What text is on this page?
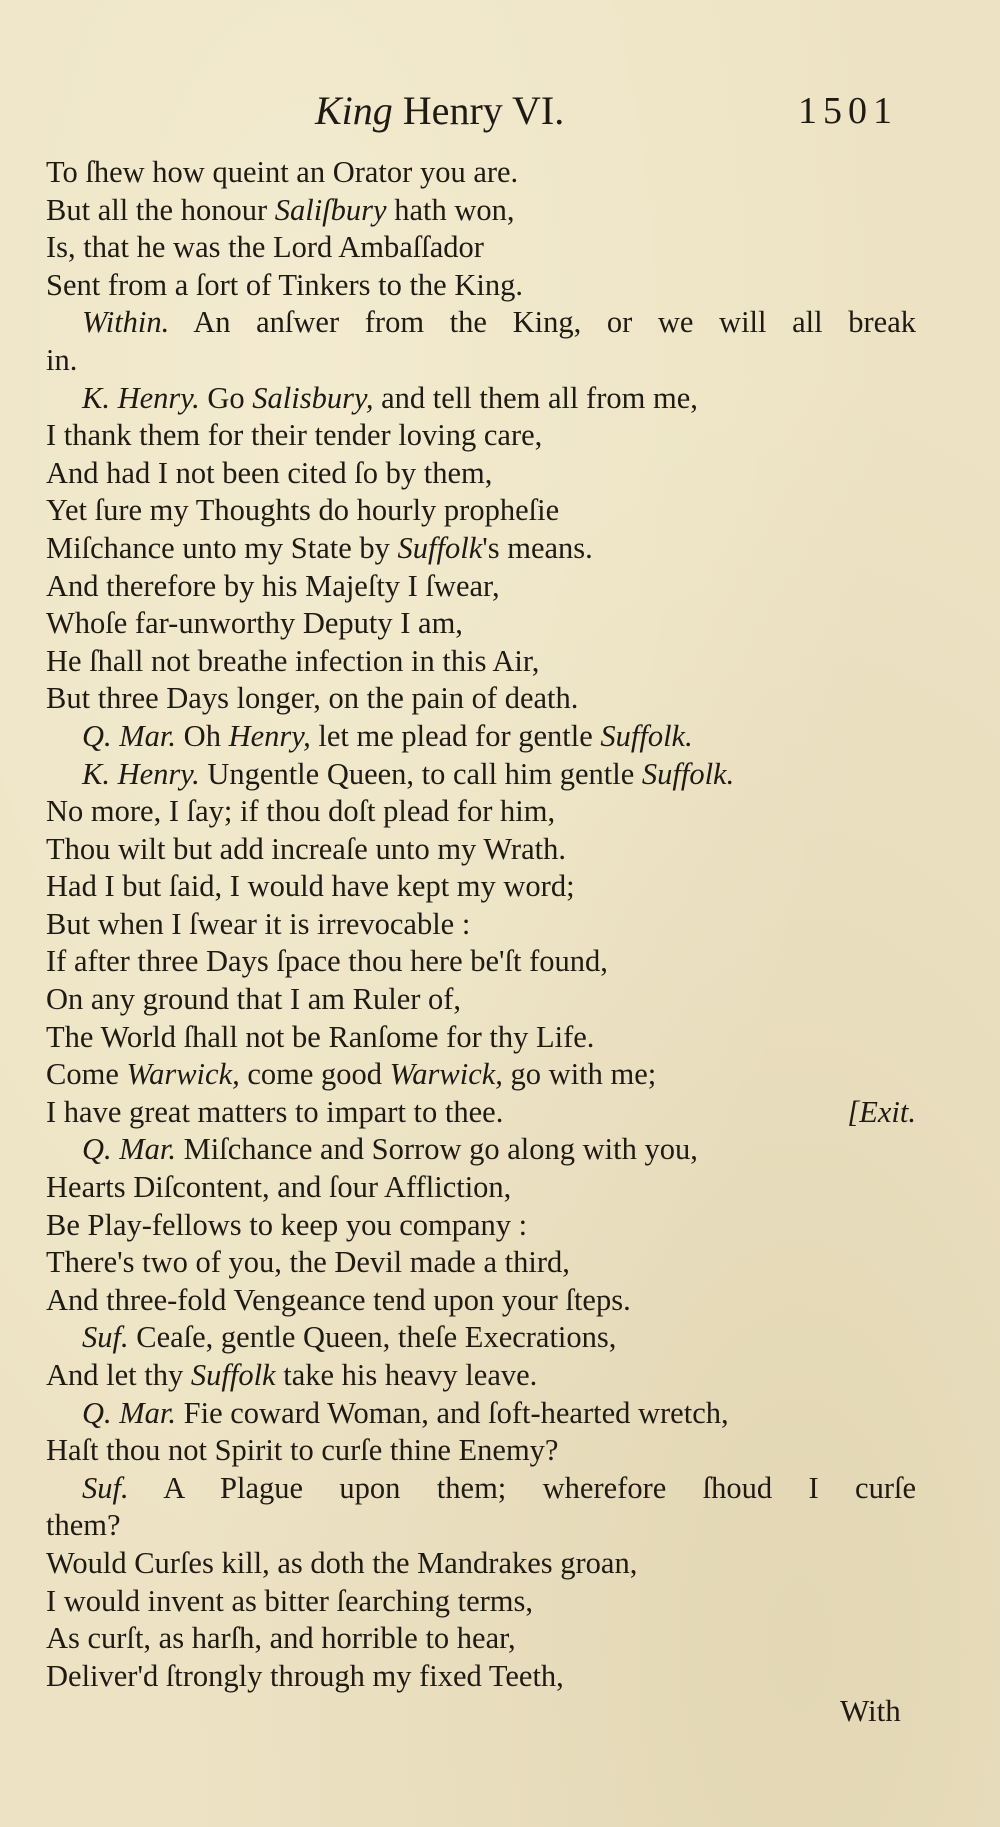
King Henry VI.	1501
To ſhew how queint an Orator you are.
But all the honour Saliſbury hath won,
Is, that he was the Lord Ambaſſador
Sent from a ſort of Tinkers to the King.
Within. An anſwer from the King, or we will all break
in.
K. Henry. Go Salisbury, and tell them all from me,
I thank them for their tender loving care,
And had I not been cited ſo by them,
Yet ſure my Thoughts do hourly propheſie
Miſchance unto my State by Suffolk's means.
And therefore by his Majeſty I ſwear,
Whoſe far-unworthy Deputy I am,
He ſhall not breathe infection in this Air,
But three Days longer, on the pain of death.
Q. Mar. Oh Henry, let me plead for gentle Suffolk.
K. Henry. Ungentle Queen, to call him gentle Suffolk.
No more, I ſay; if thou doſt plead for him,
Thou wilt but add increaſe unto my Wrath.
Had I but ſaid, I would have kept my word;
But when I ſwear it is irrevocable :
If after three Days ſpace thou here be'ſt found,
On any ground that I am Ruler of,
The World ſhall not be Ranſome for thy Life.
Come Warwick, come good Warwick, go with me;
I have great matters to impart to thee.	[Exit.
Q. Mar. Miſchance and Sorrow go along with you,
Hearts Diſcontent, and ſour Affliction,
Be Play-fellows to keep you company :
There's two of you, the Devil made a third,
And three-fold Vengeance tend upon your ſteps.
Suf. Ceaſe, gentle Queen, theſe Execrations,
And let thy Suffolk take his heavy leave.
Q. Mar. Fie coward Woman, and ſoft-hearted wretch,
Haſt thou not Spirit to curſe thine Enemy?
Suf. A Plague upon them; wherefore ſhoud I curſe
them?
Would Curſes kill, as doth the Mandrakes groan,
I would invent as bitter ſearching terms,
As curſt, as harſh, and horrible to hear,
Deliver'd ſtrongly through my fixed Teeth,
With
